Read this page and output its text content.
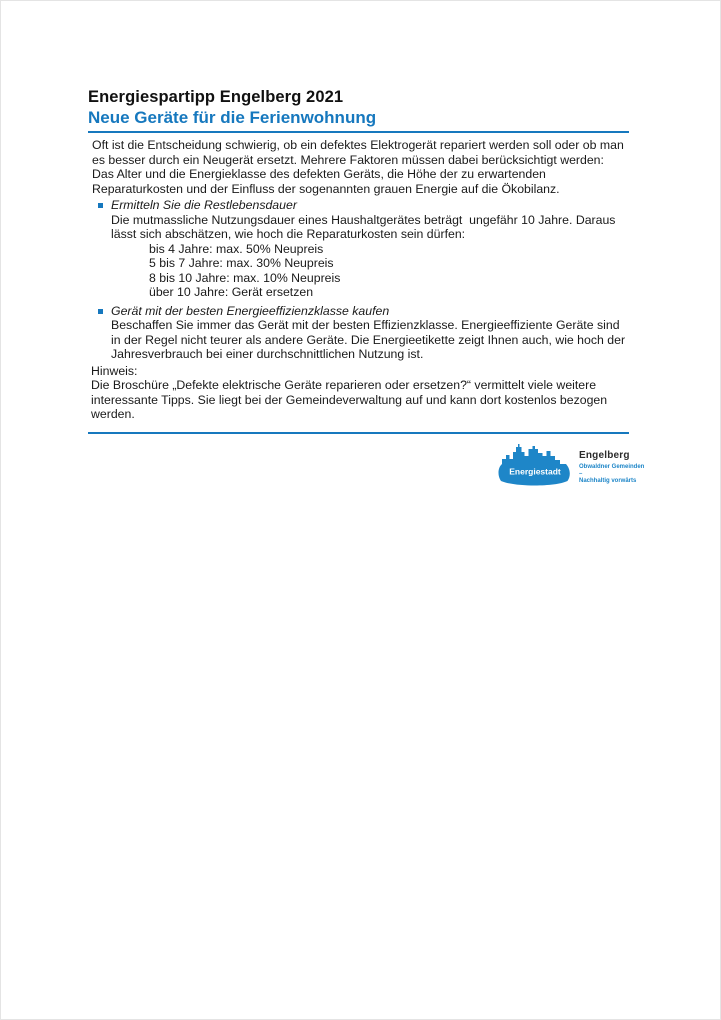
Energiespartipp Engelberg 2021
Neue Geräte für die Ferienwohnung

Oft ist die Entscheidung schwierig, ob ein defektes Elektrogerät repariert werden soll oder ob man es besser durch ein Neugerät ersetzt. Mehrere Faktoren müssen dabei berücksichtigt werden: Das Alter und die Energieklasse des defekten Geräts, die Höhe der zu erwartenden Reparaturkosten und der Einfluss der sogenannten grauen Energie auf die Ökobilanz.

Ermitteln Sie die Restlebensdauer
Die mutmassliche Nutzungsdauer eines Haushaltgerätes beträgt  ungefähr 10 Jahre. Daraus lässt sich abschätzen, wie hoch die Reparaturkosten sein dürfen:
bis 4 Jahre: max. 50% Neupreis
5 bis 7 Jahre: max. 30% Neupreis
8 bis 10 Jahre: max. 10% Neupreis
über 10 Jahre: Gerät ersetzen
Gerät mit der besten Energieeffizienzklasse kaufen
Beschaffen Sie immer das Gerät mit der besten Effizienzklasse. Energieeffiziente Geräte sind in der Regel nicht teurer als andere Geräte. Die Energieetikette zeigt Ihnen auch, wie hoch der Jahresverbrauch bei einer durchschnittlichen Nutzung ist.
Hinweis:
Die Broschüre „Defekte elektrische Geräte reparieren oder ersetzen?“ vermittelt viele weitere interessante Tipps. Sie liegt bei der Gemeindeverwaltung auf und kann dort kostenlos bezogen werden.
Energiestadt
Engelberg
Obwaldner Gemeinden –
Nachhaltig vorwärts
